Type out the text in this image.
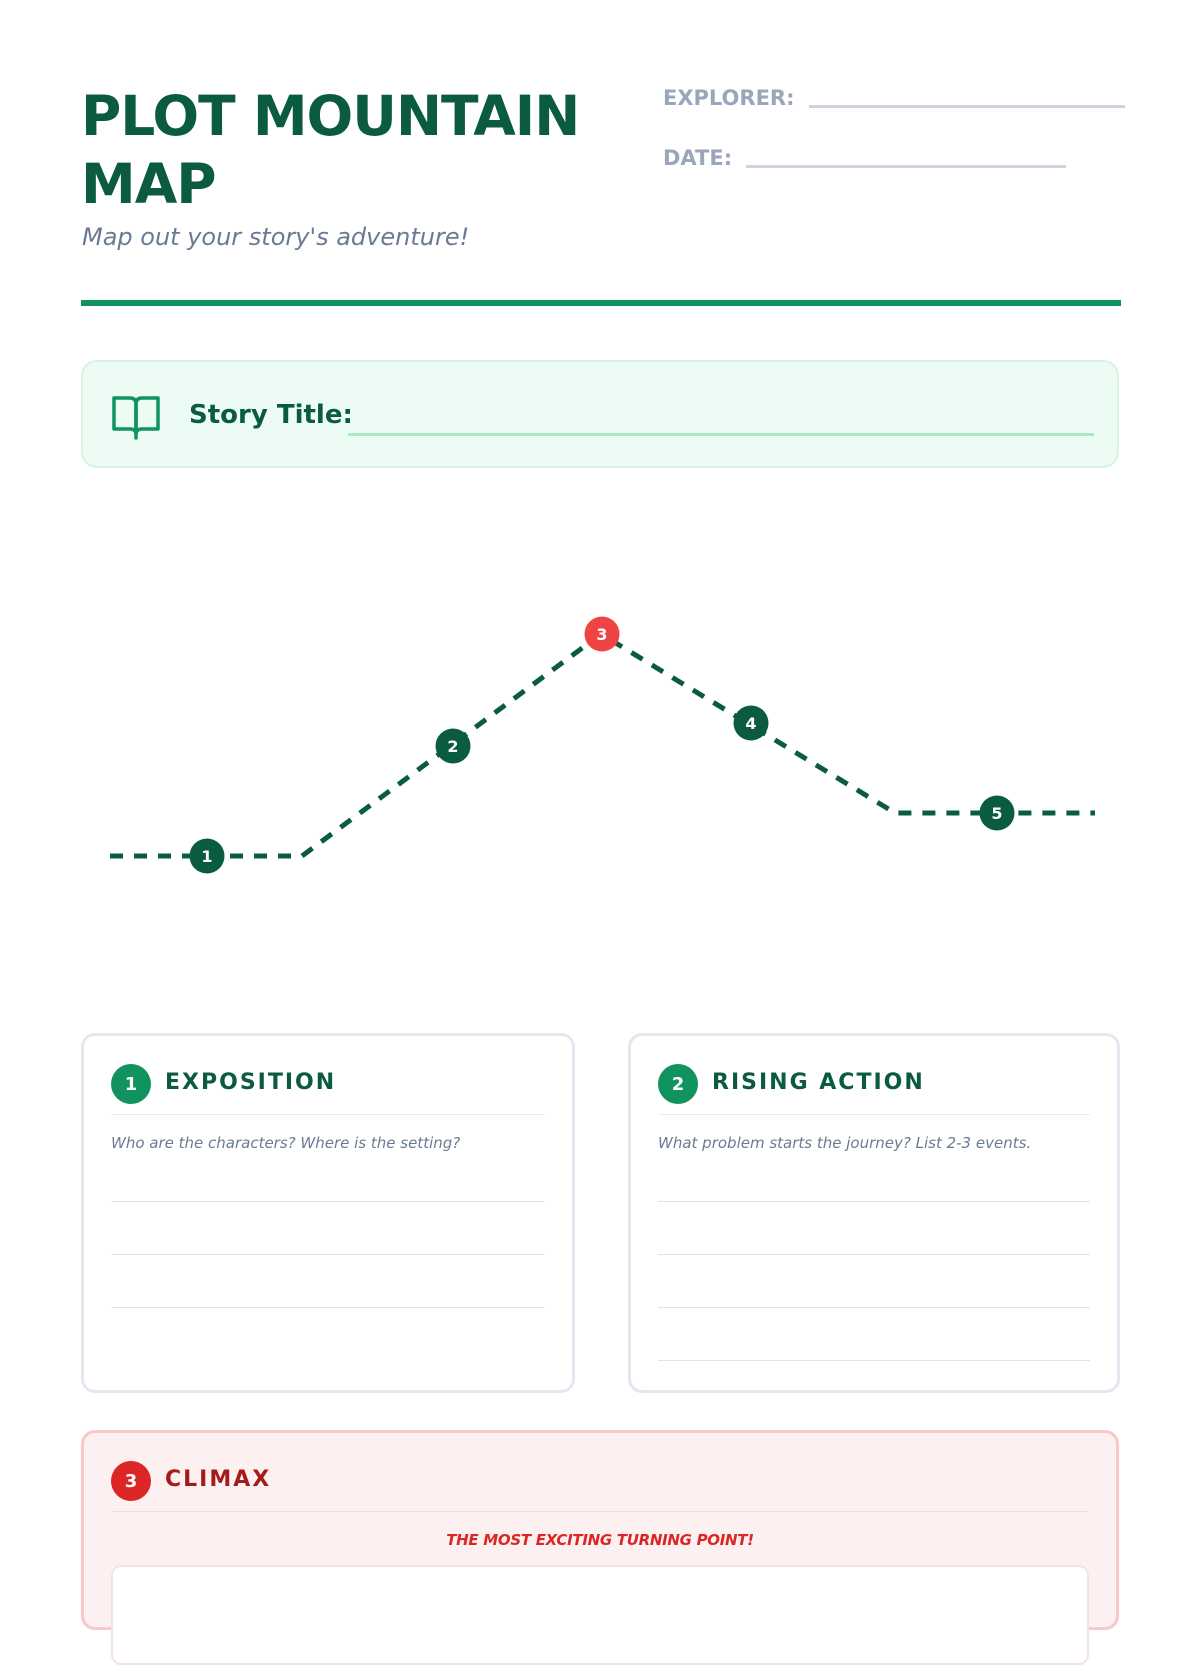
PLOT MOUNTAIN MAP

Map out your story's adventure!

EXPLORER:
DATE:
Story Title:
1
2
3
4
5
1	EXPOSITION
Who are the characters? Where is the setting?
2	RISING ACTION
What problem starts the journey? List 2-3 events.
3	CLIMAX
THE MOST EXCITING TURNING POINT!
